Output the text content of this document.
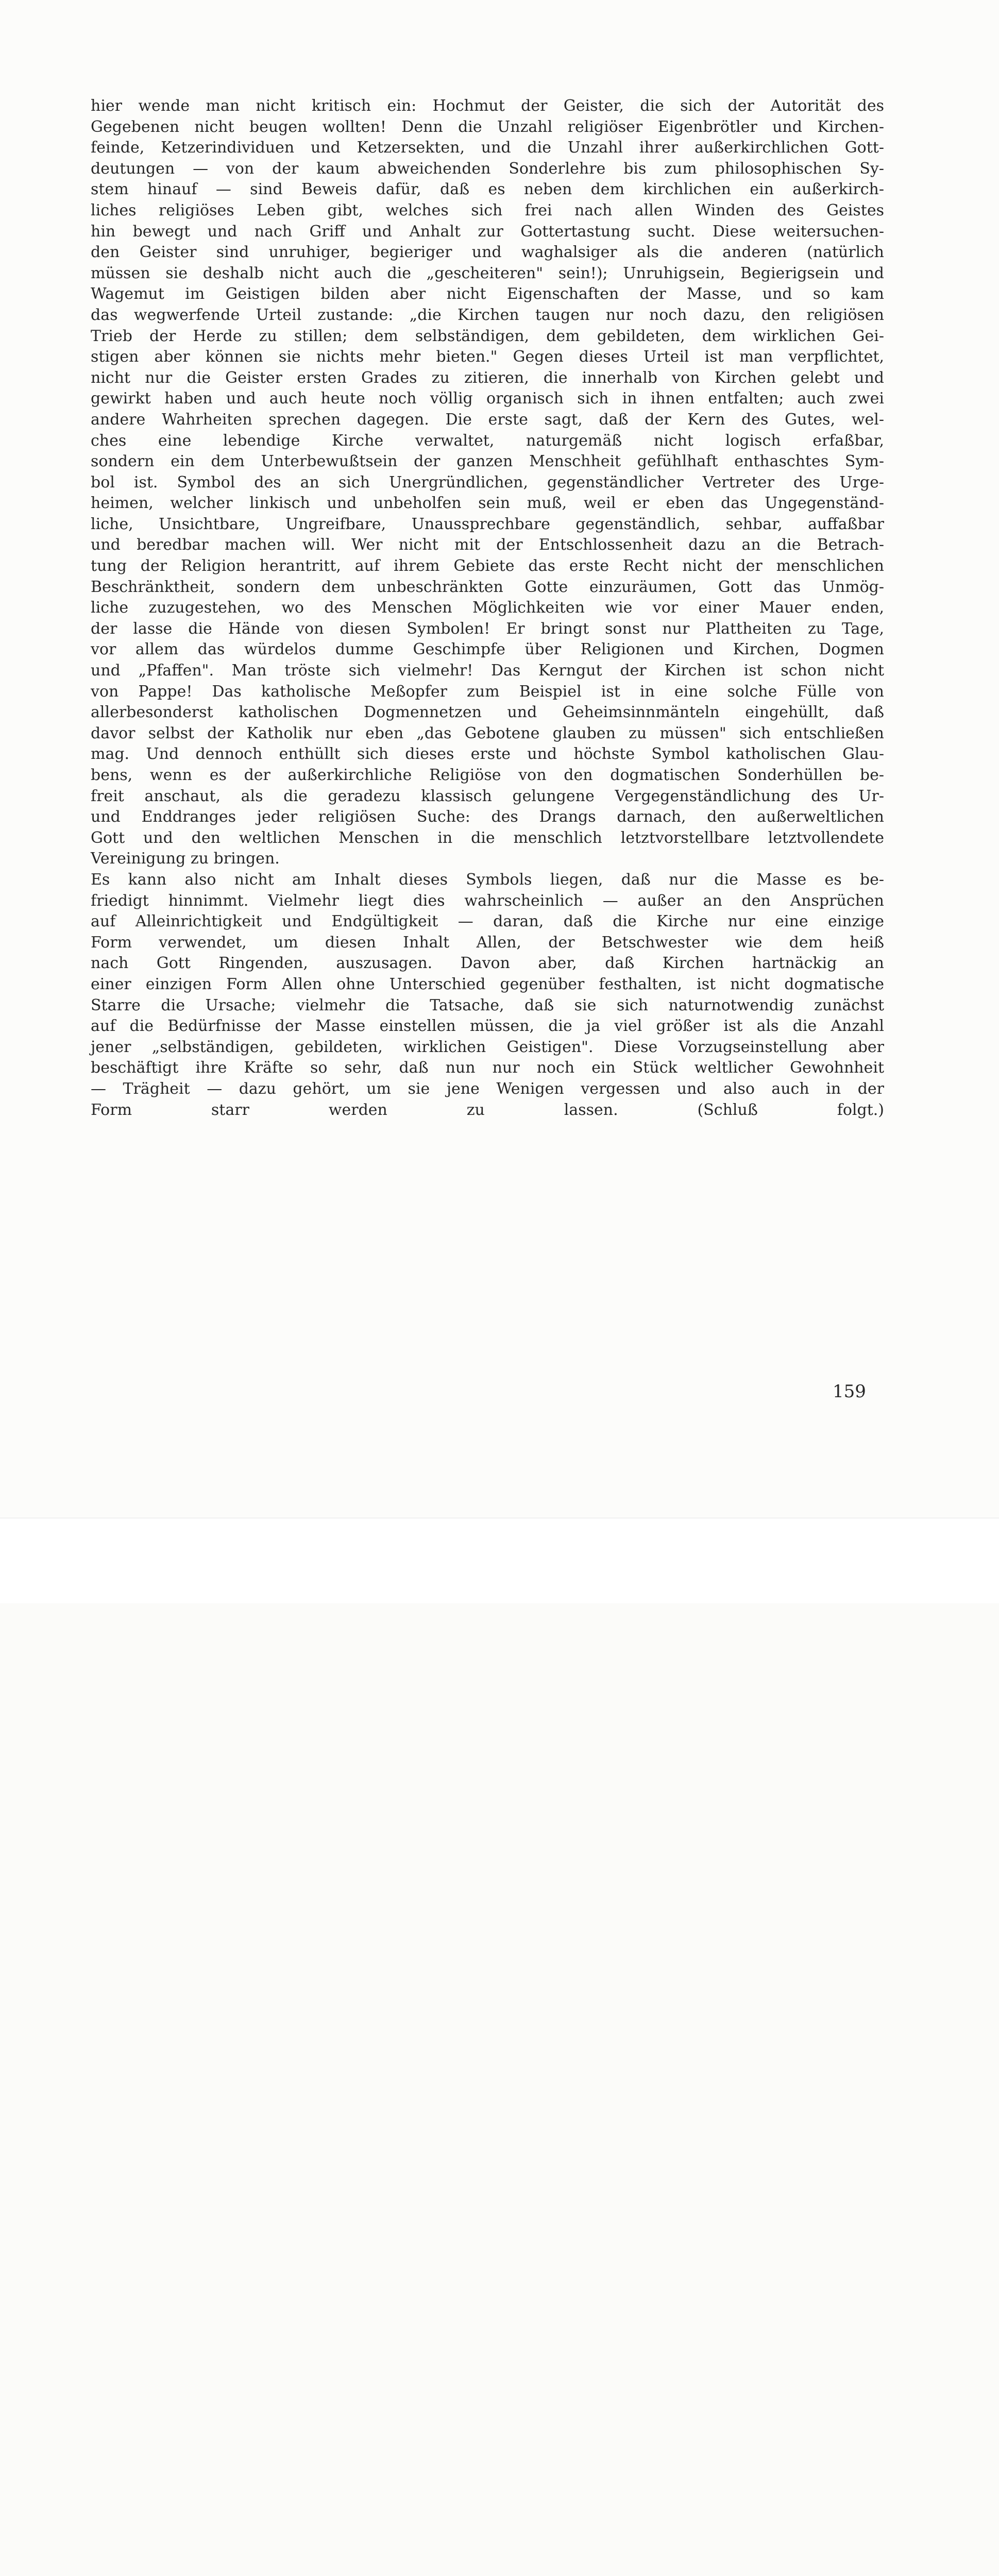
hier wende man nicht kritisch ein: Hochmut der Geister, die sich der Autorität des
Gegebenen nicht beugen wollten! Denn die Unzahl religiöser Eigenbrötler und Kirchen-
feinde, Ketzerindividuen und Ketzersekten, und die Unzahl ihrer außerkirchlichen Gott-
deutungen — von der kaum abweichenden Sonderlehre bis zum philosophischen Sy-
stem hinauf — sind Beweis dafür, daß es neben dem kirchlichen ein außerkirch-
liches religiöses Leben gibt, welches sich frei nach allen Winden des Geistes
hin bewegt und nach Griff und Anhalt zur Gottertastung sucht. Diese weitersuchen-
den Geister sind unruhiger, begieriger und waghalsiger als die anderen (natürlich
müssen sie deshalb nicht auch die „gescheiteren" sein!); Unruhigsein, Begierigsein und
Wagemut im Geistigen bilden aber nicht Eigenschaften der Masse, und so kam
das wegwerfende Urteil zustande: „die Kirchen taugen nur noch dazu, den religiösen
Trieb der Herde zu stillen; dem selbständigen, dem gebildeten, dem wirklichen Gei-
stigen aber können sie nichts mehr bieten." Gegen dieses Urteil ist man verpflichtet,
nicht nur die Geister ersten Grades zu zitieren, die innerhalb von Kirchen gelebt und
gewirkt haben und auch heute noch völlig organisch sich in ihnen entfalten; auch zwei
andere Wahrheiten sprechen dagegen. Die erste sagt, daß der Kern des Gutes, wel-
ches eine lebendige Kirche verwaltet, naturgemäß nicht logisch erfaßbar,
sondern ein dem Unterbewußtsein der ganzen Menschheit gefühlhaft enthaschtes Sym-
bol ist. Symbol des an sich Unergründlichen, gegenständlicher Vertreter des Urge-
heimen, welcher linkisch und unbeholfen sein muß, weil er eben das Ungegenständ-
liche, Unsichtbare, Ungreifbare, Unaussprechbare gegenständlich, sehbar, auffaßbar
und beredbar machen will. Wer nicht mit der Entschlossenheit dazu an die Betrach-
tung der Religion herantritt, auf ihrem Gebiete das erste Recht nicht der menschlichen
Beschränktheit, sondern dem unbeschränkten Gotte einzuräumen, Gott das Unmög-
liche zuzugestehen, wo des Menschen Möglichkeiten wie vor einer Mauer enden,
der lasse die Hände von diesen Symbolen! Er bringt sonst nur Plattheiten zu Tage,
vor allem das würdelos dumme Geschimpfe über Religionen und Kirchen, Dogmen
und „Pfaffen". Man tröste sich vielmehr! Das Kerngut der Kirchen ist schon nicht
von Pappe! Das katholische Meßopfer zum Beispiel ist in eine solche Fülle von
allerbesonderst katholischen Dogmennetzen und Geheimsinnmänteln eingehüllt, daß
davor selbst der Katholik nur eben „das Gebotene glauben zu müssen" sich entschließen
mag. Und dennoch enthüllt sich dieses erste und höchste Symbol katholischen Glau-
bens, wenn es der außerkirchliche Religiöse von den dogmatischen Sonderhüllen be-
freit anschaut, als die geradezu klassisch gelungene Vergegenständlichung des Ur-
und Enddranges jeder religiösen Suche: des Drangs darnach, den außerweltlichen
Gott und den weltlichen Menschen in die menschlich letztvorstellbare letztvollendete
Vereinigung zu bringen.
Es kann also nicht am Inhalt dieses Symbols liegen, daß nur die Masse es be-
friedigt hinnimmt. Vielmehr liegt dies wahrscheinlich — außer an den Ansprüchen
auf Alleinrichtigkeit und Endgültigkeit — daran, daß die Kirche nur eine einzige
Form verwendet, um diesen Inhalt Allen, der Betschwester wie dem heiß
nach Gott Ringenden, auszusagen. Davon aber, daß Kirchen hartnäckig an
einer einzigen Form Allen ohne Unterschied gegenüber festhalten, ist nicht dogmatische
Starre die Ursache; vielmehr die Tatsache, daß sie sich naturnotwendig zunächst
auf die Bedürfnisse der Masse einstellen müssen, die ja viel größer ist als die Anzahl
jener „selbständigen, gebildeten, wirklichen Geistigen". Diese Vorzugseinstellung aber
beschäftigt ihre Kräfte so sehr, daß nun nur noch ein Stück weltlicher Gewohnheit
— Trägheit — dazu gehört, um sie jene Wenigen vergessen und also auch in der
Form starr werden zu lassen. (Schluß folgt.)
159
